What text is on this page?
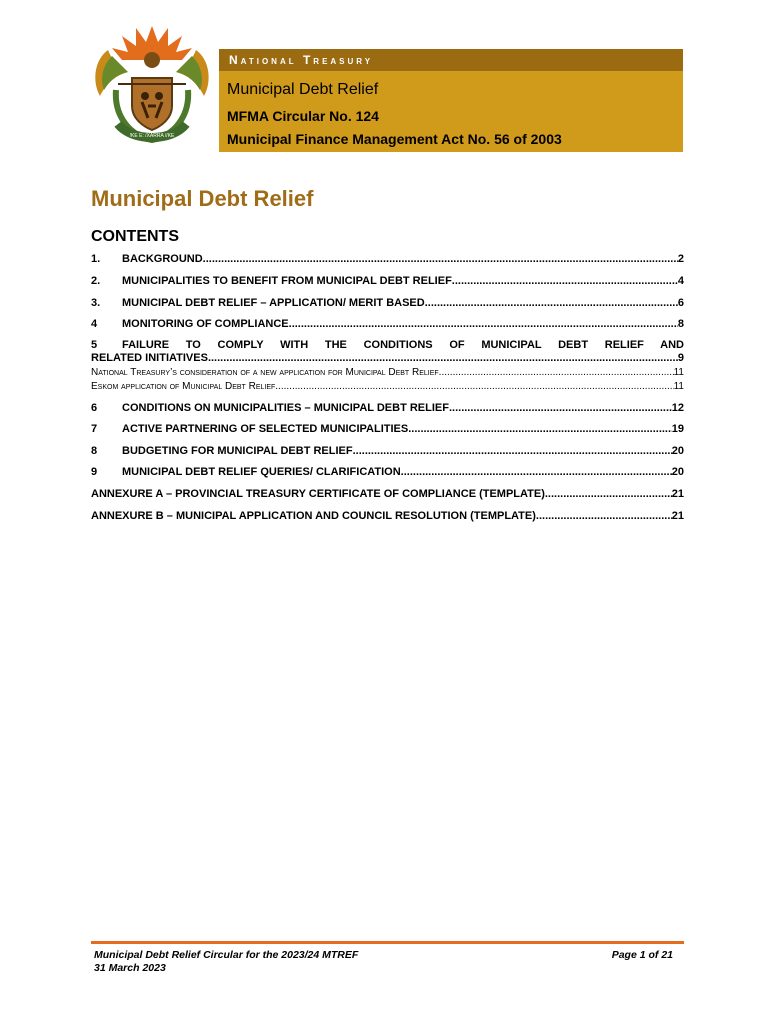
!KE E: /XARRA //KE
National Treasury
Municipal Debt Relief
MFMA Circular No. 124
Municipal Finance Management Act No. 56 of 2003
Municipal Debt Relief
CONTENTS
1.	BACKGROUND .....	2
2.	MUNICIPALITIES TO BENEFIT FROM MUNICIPAL DEBT RELIEF .....	4
3.	MUNICIPAL DEBT RELIEF – APPLICATION/ MERIT BASED .....	6
4	MONITORING OF COMPLIANCE .....	8
5	FAILURE TO COMPLY WITH THE CONDITIONS OF MUNICIPAL DEBT RELIEF AND
RELATED INITIATIVES .....	9
National Treasury’s consideration of a new application for Municipal Debt Relief .....	11
Eskom application of Municipal Debt Relief .....	11
6	CONDITIONS ON MUNICIPALITIES – MUNICIPAL DEBT RELIEF .....	12
7	ACTIVE PARTNERING OF SELECTED MUNICIPALITIES .....	19
8	BUDGETING FOR MUNICIPAL DEBT RELIEF .....	20
9	MUNICIPAL DEBT RELIEF QUERIES/ CLARIFICATION .....	20
ANNEXURE A – PROVINCIAL TREASURY CERTIFICATE OF COMPLIANCE (TEMPLATE) .....	21
ANNEXURE B – MUNICIPAL APPLICATION AND COUNCIL RESOLUTION (TEMPLATE) .....	21
Municipal Debt Relief Circular for the 2023/24 MTREF
31 March 2023
Page 1 of 21
